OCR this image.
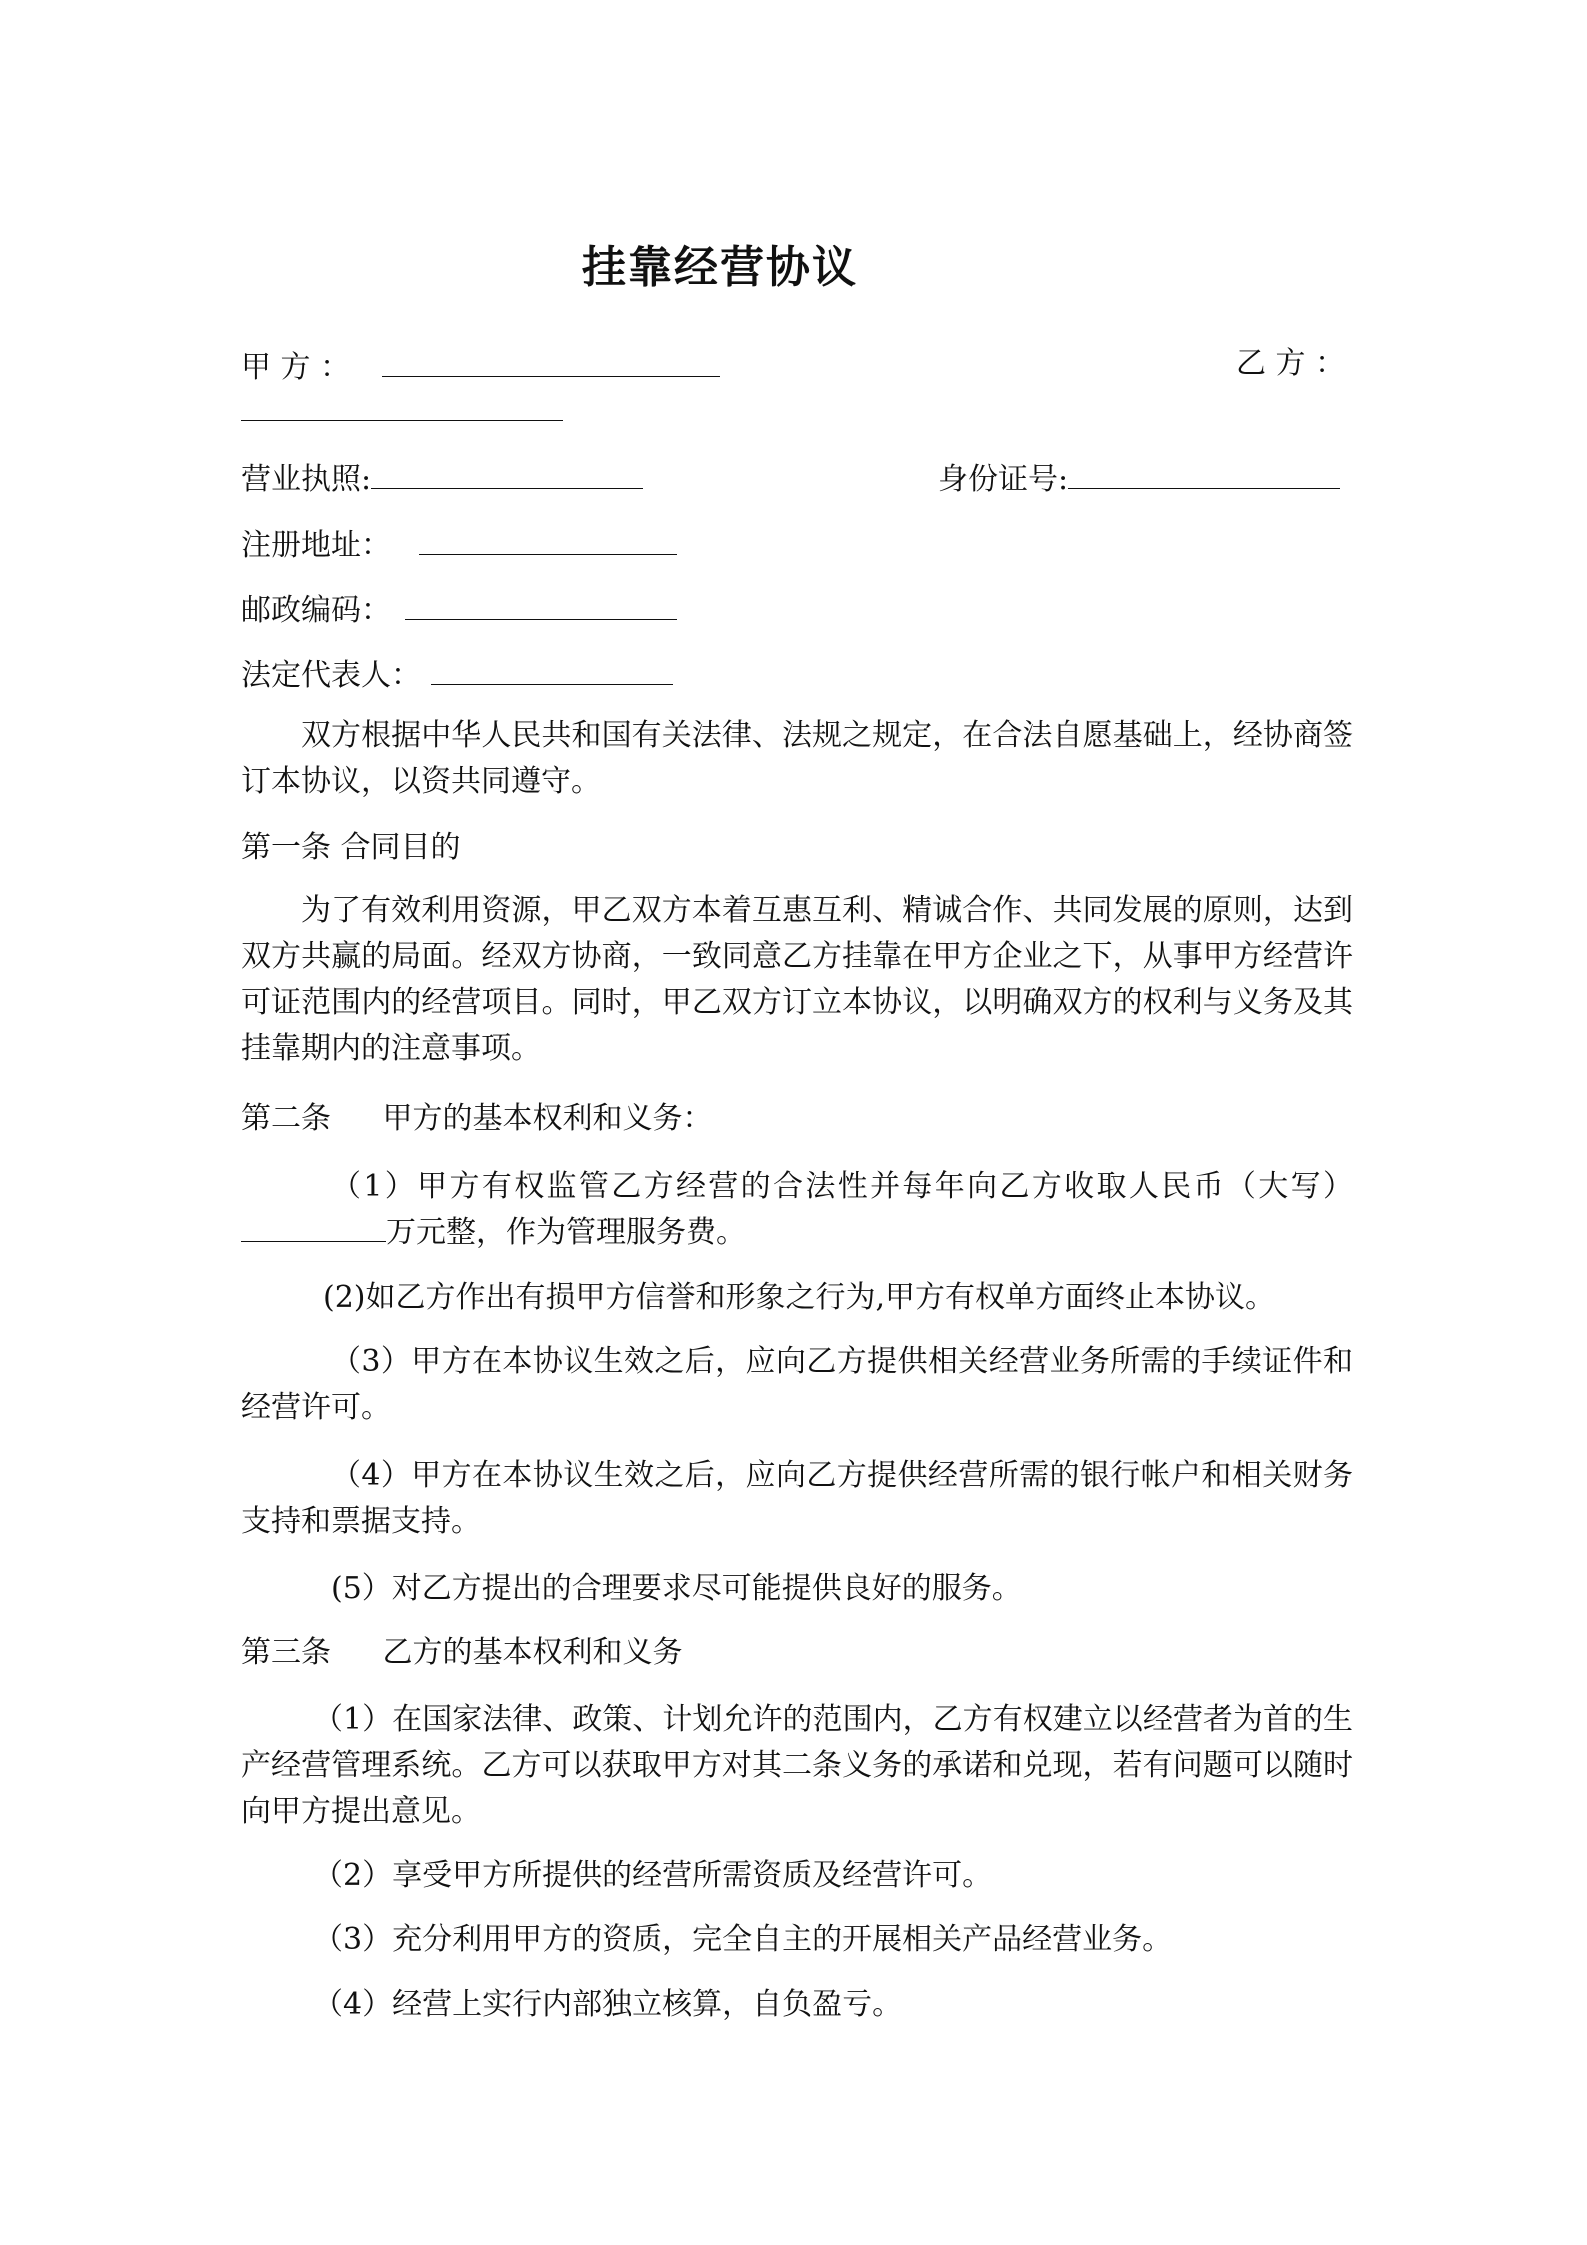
挂靠经营协议
甲 方 ：	乙 方 ：
营业执照:	身份证号:
注册地址：
邮政编码：
法定代表人：
双方根据中华人民共和国有关法律、法规之规定，在合法自愿基础上，经协商签订本协议，以资共同遵守。
第一条 合同目的
为了有效利用资源，甲乙双方本着互惠互利、精诚合作、共同发展的原则，达到双方共赢的局面。经双方协商，一致同意乙方挂靠在甲方企业之下，从事甲方经营许可证范围内的经营项目。同时，甲乙双方订立本协议，以明确双方的权利与义务及其挂靠期内的注意事项。
第二条 甲方的基本权利和义务：
（1）甲方有权监管乙方经营的合法性并每年向乙方收取人民币（大写）万元整，作为管理服务费。
(2)如乙方作出有损甲方信誉和形象之行为,甲方有权单方面终止本协议。
（3）甲方在本协议生效之后，应向乙方提供相关经营业务所需的手续证件和经营许可。
（4）甲方在本协议生效之后，应向乙方提供经营所需的银行帐户和相关财务支持和票据支持。
(5）对乙方提出的合理要求尽可能提供良好的服务。
第三条 乙方的基本权利和义务
（1）在国家法律、政策、计划允许的范围内，乙方有权建立以经营者为首的生产经营管理系统。乙方可以获取甲方对其二条义务的承诺和兑现，若有问题可以随时向甲方提出意见。
（2）享受甲方所提供的经营所需资质及经营许可。
（3）充分利用甲方的资质，完全自主的开展相关产品经营业务。
（4）经营上实行内部独立核算，自负盈亏。
